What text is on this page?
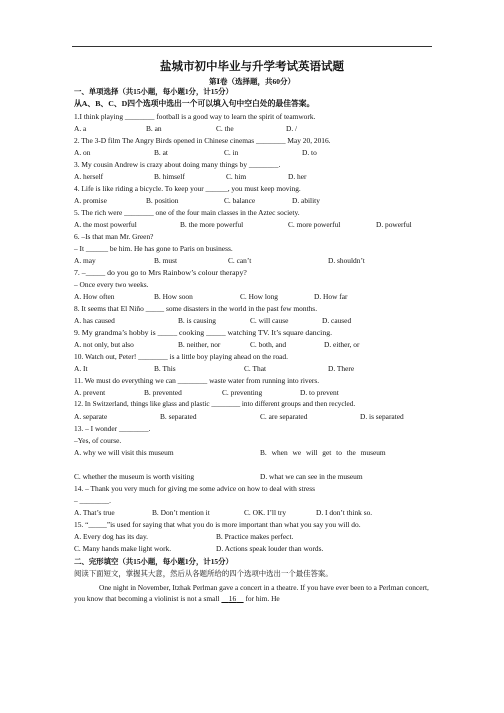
盐城市初中毕业与升学考试英语试题
第Ⅰ卷（选择题，共60分）
一、单项选择（共15小题，每小题1分，计15分）
从A、B、C、D四个选项中选出一个可以填入句中空白处的最佳答案。
1.I think playing ________ football is a good way to learn the spirit of teamwork.
A. a	B. an	C. the	D. /
2. The 3-D film The Angry Birds opened in Chinese cinemas ________ May 20, 2016.
A. on	B. at	C. in	D. to
3. My cousin Andrew is crazy about doing many things by ________.
A. herself	B. himself	C. him	D. her
4. Life is like riding a bicycle. To keep your ______, you must keep moving.
A. promise	B. position	C. balance	D. ability
5. The rich were ________ one of the four main classes in the Aztec society.
A. the most powerful	B. the more powerful	C. more powerful	D. powerful
6. –Is that man Mr. Green?
– It ______ be him. He has gone to Paris on business.
A. may	B. must	C. can’t	D. shouldn’t
7. –_____ do you go to Mrs Rainbow’s colour therapy?
– Once every two weeks.
A. How often	B. How soon	C. How long	D. How far
8. It seems that El Niño _____ some disasters in the world in the past few months.
A. has caused	B. is causing	C. will cause	D. caused
9. My grandma’s hobby is _____ cooking _____ watching TV. It’s square dancing.
A. not only, but also	B. neither, nor	C. both, and	D. either, or
10. Watch out, Peter! ________ is a little boy playing ahead on the road.
A. It	B. This	C. That	D. There
11. We must do everything we can ________ waste water from running into rivers.
A. prevent	B. prevented	C. preventing	D. to prevent
12. In Switzerland, things like glass and plastic ________ into different groups and then recycled.
A. separate	B. separated	C. are separated	D. is separated
13. – I wonder ________.
–Yes, of course.
A. why we will visit this museum	B. when we will get to the museum
C. whether the museum is worth visiting	D. what we can see in the museum
14. – Thank you very much for giving me some advice on how to deal with stress
– ________.
A. That’s true	B. Don’t mention it	C. OK. I’ll try	D. I don’t think so.
15. “_____”is used for saying that what you do is more important than what you say you will do.
A. Every dog has its day.	B. Practice makes perfect.
C. Many hands make light work.	D. Actions speak louder than words.
二、完形填空（共15小题，每小题1分，计15分）
阅读下面短文，掌握其大意，然后从各题所给的四个选项中选出一个最佳答案。
One night in November, Itzhak Perlman gave a concert in a theatre. If you have ever been to a Perlman concert, you know that becoming a violinist is not a small 16 for him. He
